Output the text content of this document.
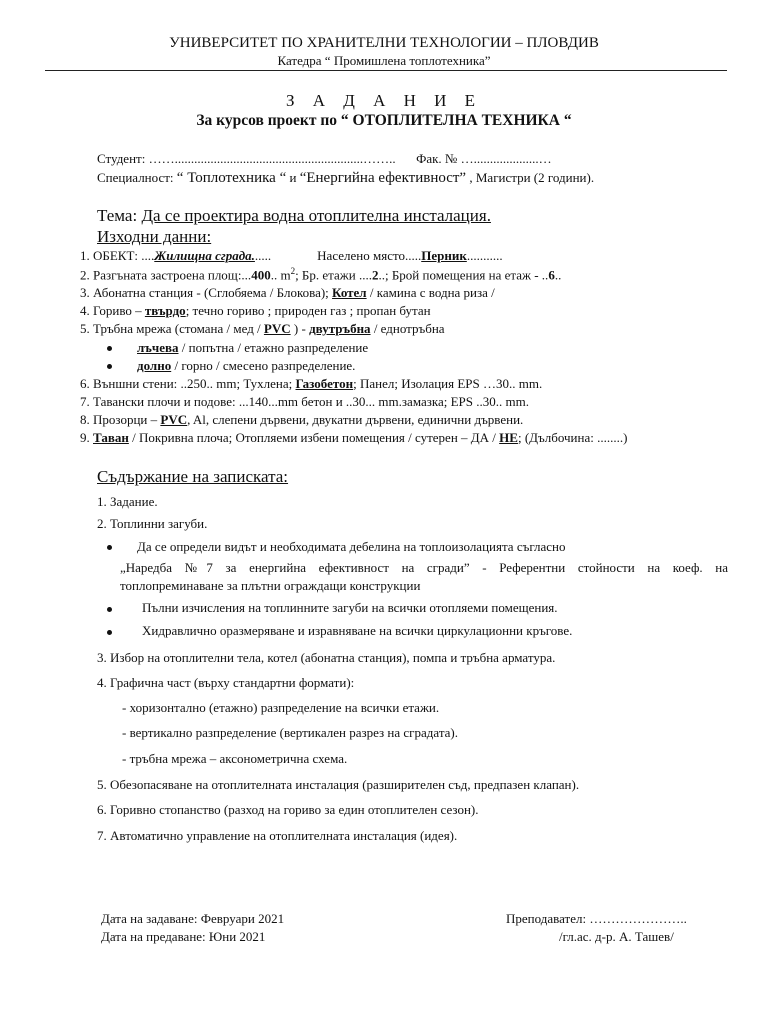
УНИВЕРСИТЕТ ПО ХРАНИТЕЛНИ ТЕХНОЛОГИИ – ПЛОВДИВ
Катедра “ Промишлена топлотехника”
З А Д А Н И Е
За курсов проект по “ ОТОПЛИТЕЛНА ТЕХНИКА “
Студент: ……..........................................................…….. Фак. № …....................…
Специалност: “ Топлотехника “ и “Енергийна ефективност” , Магистри (2 години).
Тема: Да се проектира водна отоплителна инсталация.
Изходни данни:
1. ОБЕКТ: ....Жилищна сграда......	Населено място.....Перник...........
2. Разгъната застроена площ:...400.. $m^2$; Бр. етажи ....2..; Брой помещения на етаж - ..6..
3. Абонатна станция - (Сглобяема / Блокова); Котел / камина с водна риза /
4. Гориво – твърдо; течно гориво ; природен газ ; пропан бутан
5. Тръбна мрежа (стомана / мед / PVC ) - двутръбна / еднотръбна
лъчева / попътна / етажно разпределение
долно / горно / смесено разпределение.
6. Външни стени: ..250.. mm; Тухлена; Газобетон; Панел; Изолация EPS …30.. mm.
7. Тавански плочи и подове: ...140...mm бетон и ..30... mm.замазка; EPS ..30.. mm.
8. Прозорци – PVC, Al, слепени дървени, двукатни дървени, единични дървени.
9. Таван / Покривна плоча; Отопляеми избени помещения / сутерен – ДА / НЕ; (Дълбочина: ........)
Съдържание на записката:
1. Задание.
2. Топлинни загуби.
Да се определи видът и необходимата дебелина на топлоизолацията съгласно
„Наредба №7 за енергийна ефективност на сгради” - Референтни стойности на коеф. на
топлопреминаване за плътни ограждащи конструкции
Пълни изчисления на топлинните загуби на всички отопляеми помещения.
Хидравлично оразмеряване и изравняване на всички циркулационни кръгове.
3. Избор на отоплителни тела, котел (абонатна станция), помпа и тръбна арматура.
4. Графична част (върху стандартни формати):
- хоризонтално (етажно) разпределение на всички етажи.
- вертикално разпределение (вертикален разрез на сградата).
- тръбна мрежа – аксонометрична схема.
5. Обезопасяване на отоплителната инсталация (разширителен съд, предпазен клапан).
6. Горивно стопанство (разход на гориво за един отоплителен сезон).
7. Автоматично управление на отоплителната инсталация (идея).
Дата на задаване: Февруари 2021
Дата на предаване: Юни 2021
Преподавател: …………………..
/гл.ас. д-р. А. Ташев/
